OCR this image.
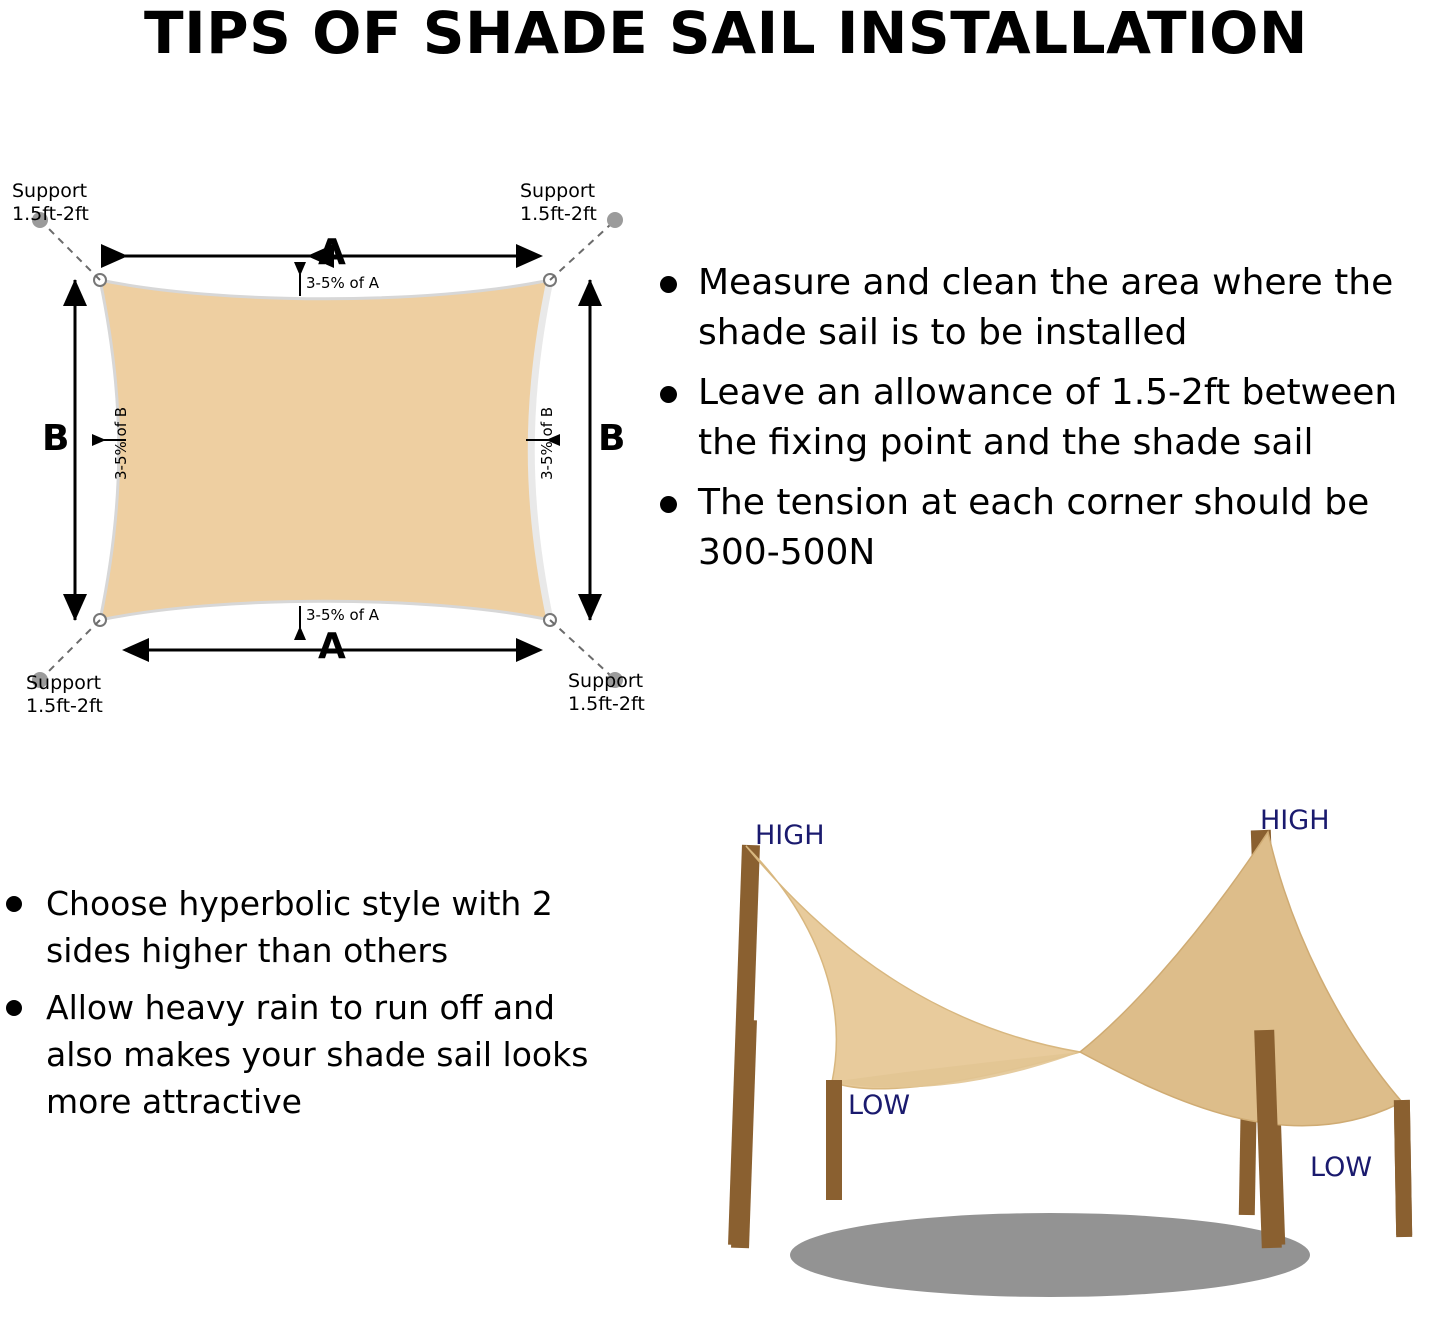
TIPS OF SHADE SAIL INSTALLATION
Support
1.5ft-2ft
Support
1.5ft-2ft
Support
1.5ft-2ft
Support
1.5ft-2ft
A
A
B	B
3-5% of A
3-5% of A
3-5% of B	3-5% of B
Measure and clean the area where the shade sail is to be installed
Leave an allowance of 1.5-2ft between the fixing point and the shade sail
The tension at each corner should be 300-500N
Choose hyperbolic style with 2 sides higher than others
Allow heavy rain to run off and also makes your shade sail looks more attractive
HIGH	HIGH
LOW
LOW
